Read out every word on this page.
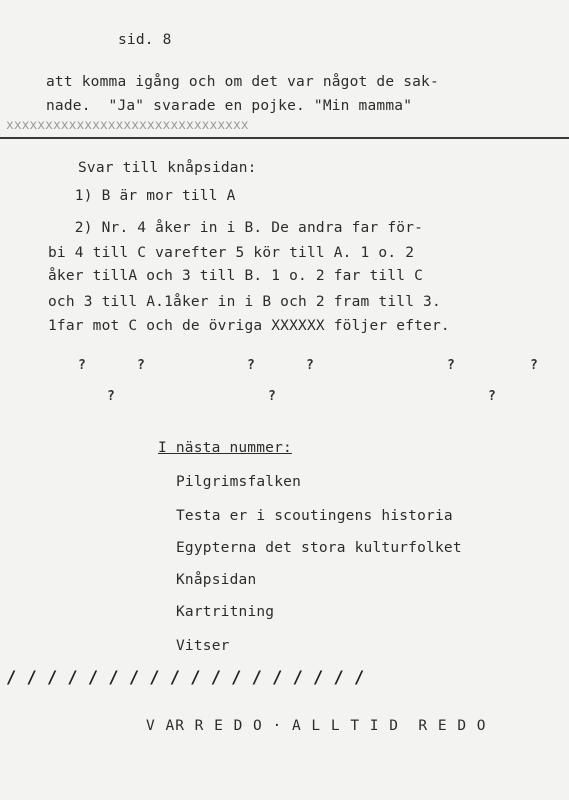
sid. 8
att komma igång och om det var något de sak-
nade.  "Ja" svarade en pojke. "Min mamma"
xxxxxxxxxxxxxxxxxxxxxxxxxxxxxxx
Svar till knåpsidan:
1) B är mor till A
2) Nr. 4 åker in i B. De andra far för-
bi 4 till C varefter 5 kör till A. 1 o. 2
åker tillA och 3 till B. 1 o. 2 far till C
och 3 till A.1åker in i B och 2 fram till 3.
1far mot C och de övriga XXXXXX följer efter.
?	?	?	?	?	?
?	?	?
I nästa nummer:
Pilgrimsfalken
Testa er i scoutingens historia
Egypterna det stora kulturfolket
Knåpsidan
Kartritning
Vitser
/ / / / / / / / / / / / / / / / / /
V AR R E D O · A L L T I D  R E D O
